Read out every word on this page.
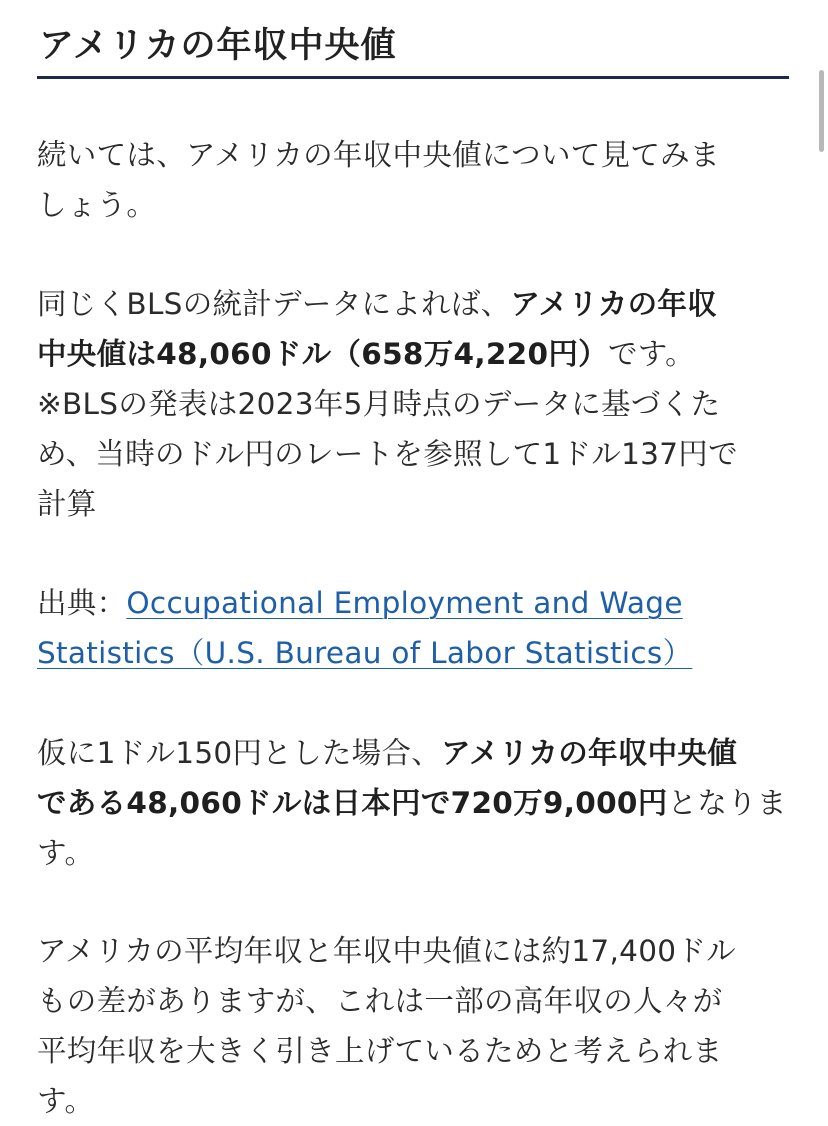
アメリカの年収中央値

続いては、アメリカの年収中央値について見てみま
しょう。

同じくBLSの統計データによれば、アメリカの年収
中央値は48,060ドル（658万4,220円）です。
※BLSの発表は2023年5月時点のデータに基づくた
め、当時のドル円のレートを参照して1ドル137円で
計算

出典：Occupational Employment and Wage
Statistics（U.S. Bureau of Labor Statistics）

仮に1ドル150円とした場合、アメリカの年収中央値
である48,060ドルは日本円で720万9,000円となりま
す。

アメリカの平均年収と年収中央値には約17,400ドル
もの差がありますが、これは一部の高年収の人々が
平均年収を大きく引き上げているためと考えられま
す。
